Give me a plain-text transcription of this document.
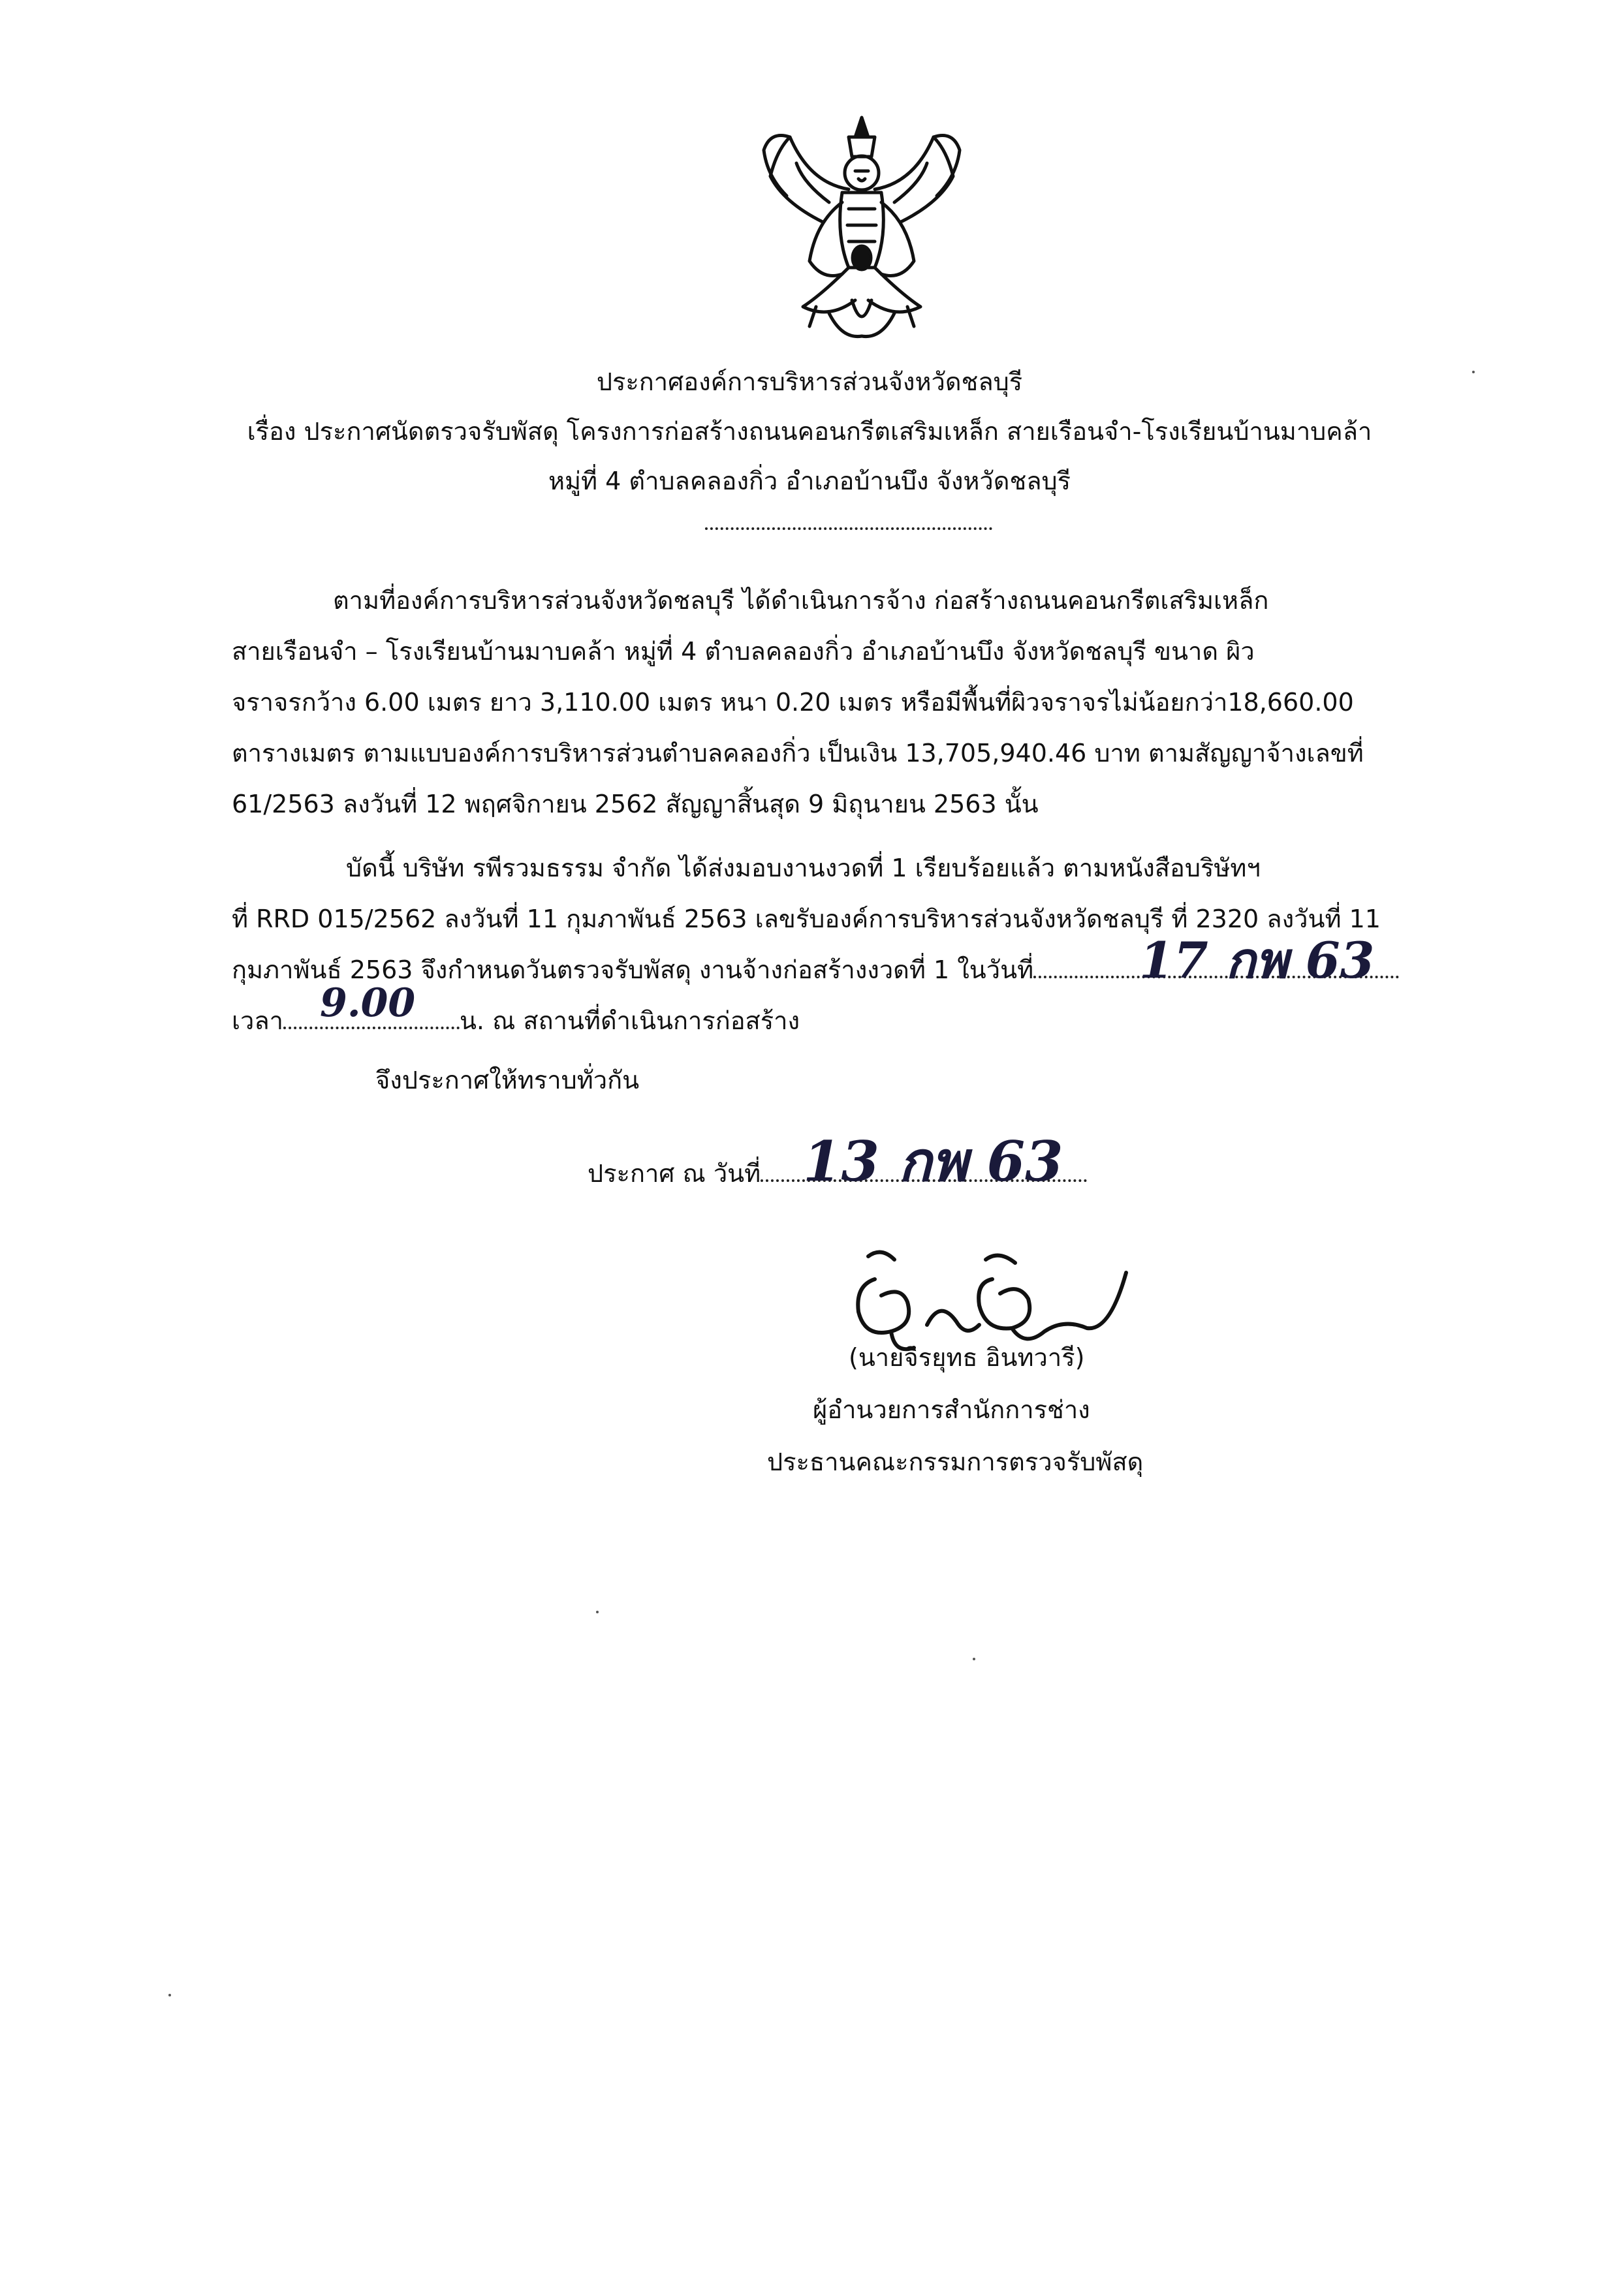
ประกาศองค์การบริหารส่วนจังหวัดชลบุรี
เรื่อง ประกาศนัดตรวจรับพัสดุ โครงการก่อสร้างถนนคอนกรีตเสริมเหล็ก สายเรือนจำ-โรงเรียนบ้านมาบคล้า
หมู่ที่ 4 ตำบลคลองกิ่ว อำเภอบ้านบึง จังหวัดชลบุรี
ตามที่องค์การบริหารส่วนจังหวัดชลบุรี ได้ดำเนินการจ้าง ก่อสร้างถนนคอนกรีตเสริมเหล็ก
สายเรือนจำ – โรงเรียนบ้านมาบคล้า หมู่ที่ 4 ตำบลคลองกิ่ว อำเภอบ้านบึง จังหวัดชลบุรี ขนาด ผิว
จราจรกว้าง 6.00 เมตร ยาว 3,110.00 เมตร หนา 0.20 เมตร หรือมีพื้นที่ผิวจราจรไม่น้อยกว่า18,660.00
ตารางเมตร ตามแบบองค์การบริหารส่วนตำบลคลองกิ่ว เป็นเงิน 13,705,940.46 บาท ตามสัญญาจ้างเลขที่
61/2563 ลงวันที่ 12 พฤศจิกายน 2562 สัญญาสิ้นสุด 9 มิถุนายน 2563 นั้น
บัดนี้ บริษัท รพีรวมธรรม จำกัด ได้ส่งมอบงานงวดที่ 1 เรียบร้อยแล้ว ตามหนังสือบริษัทฯ
ที่ RRD 015/2562 ลงวันที่ 11 กุมภาพันธ์ 2563 เลขรับองค์การบริหารส่วนจังหวัดชลบุรี ที่ 2320 ลงวันที่ 11
กุมภาพันธ์ 2563 จึงกำหนดวันตรวจรับพัสดุ งานจ้างก่อสร้างงวดที่ 1 ในวันที่	17 กพ 63
เวลา	น. ณ สถานที่ดำเนินการก่อสร้าง
9.00
จึงประกาศให้ทราบทั่วกัน
ประกาศ ณ วันที่ 13 กพ 63
(นายจิรยุทธ อินทวารี)
ผู้อำนวยการสำนักการช่าง
ประธานคณะกรรมการตรวจรับพัสดุ
